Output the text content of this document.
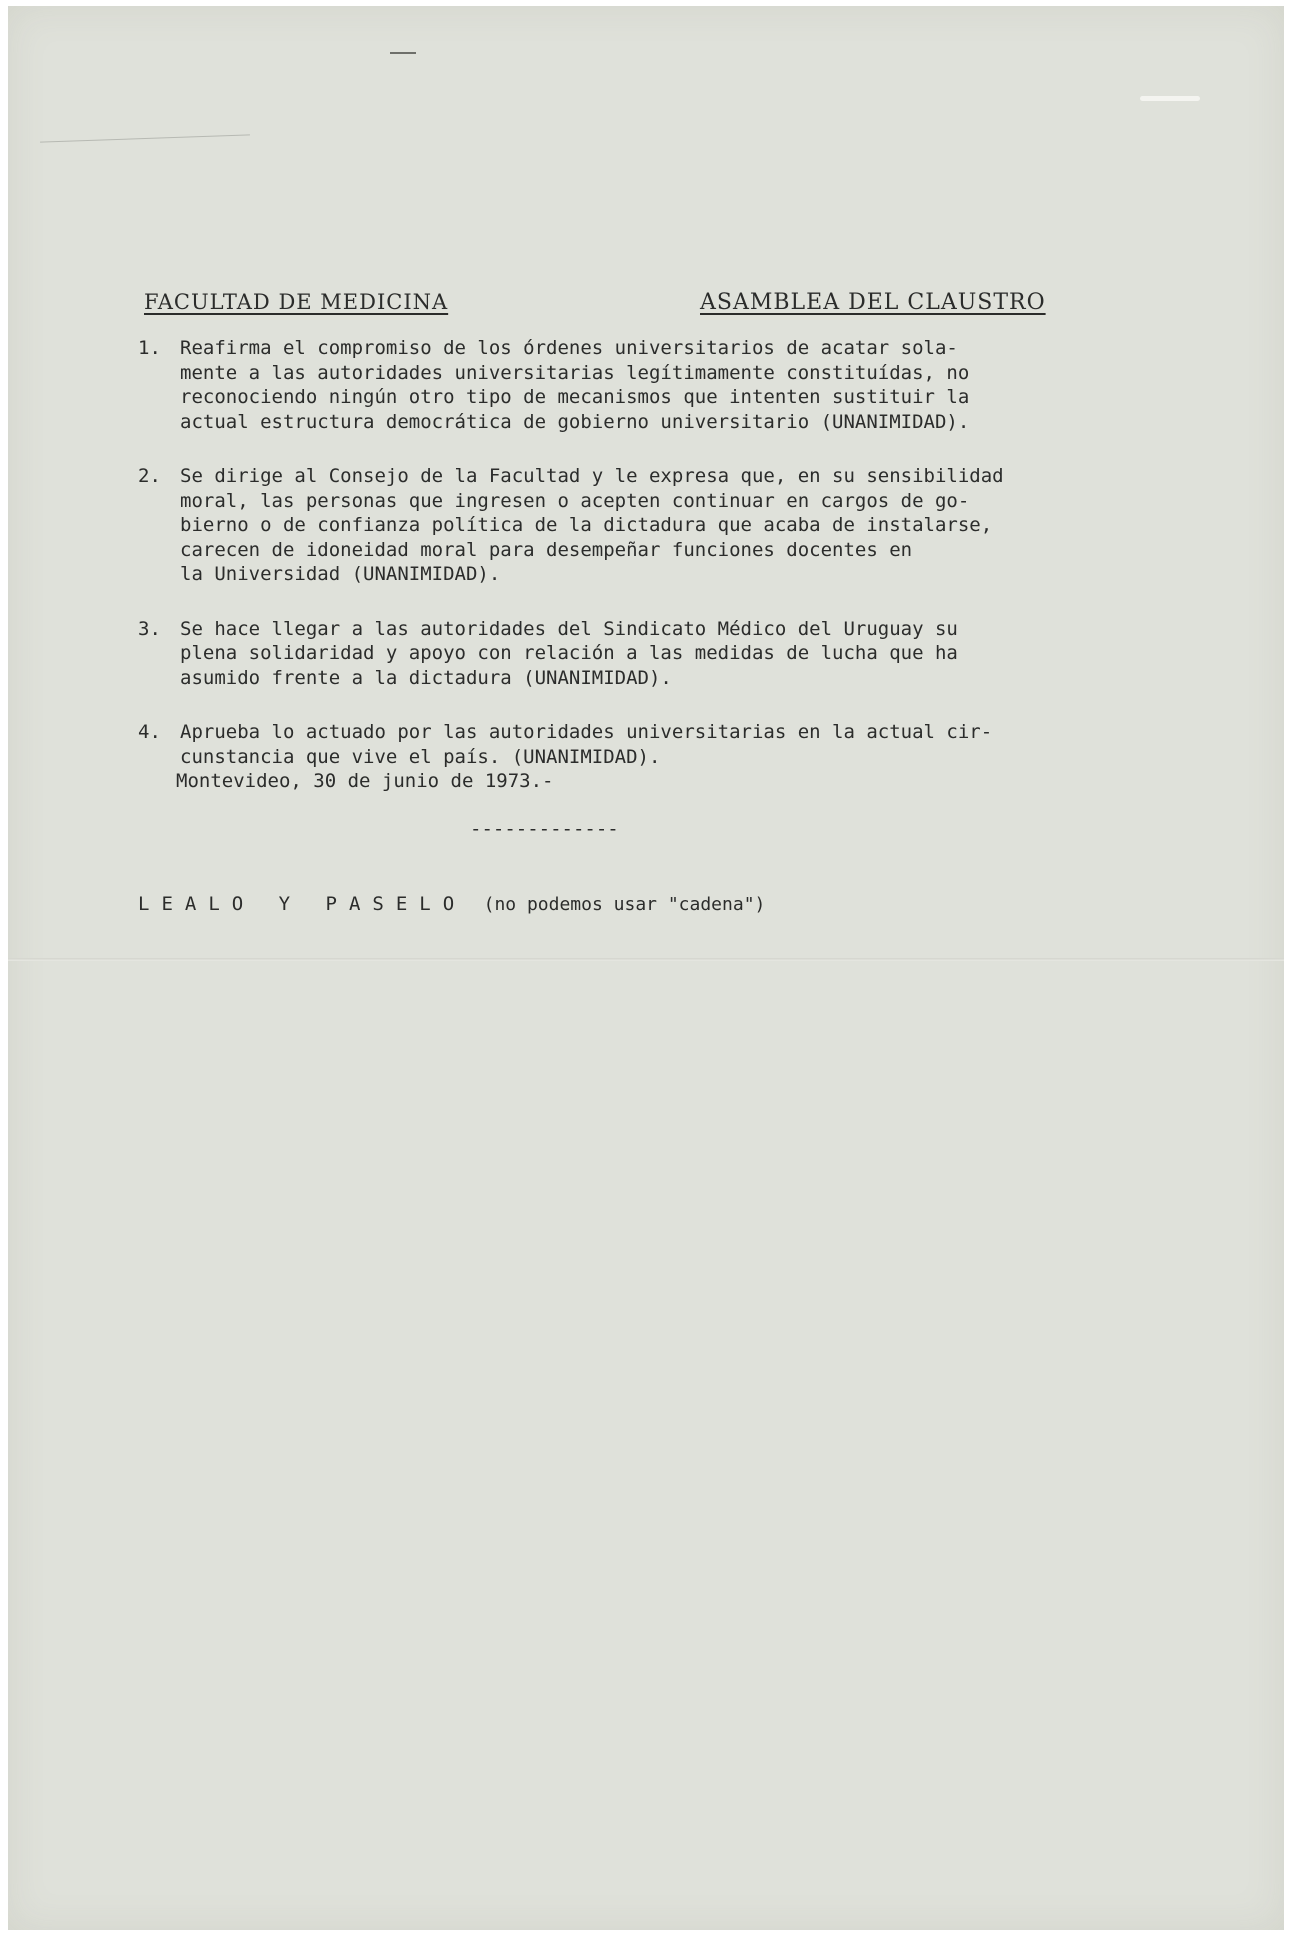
FACULTAD DE MEDICINA	ASAMBLEA DEL CLAUSTRO
1.	Reafirma el compromiso de los órdenes universitarios de acatar sola-
mente a las autoridades universitarias legítimamente constituídas, no
reconociendo ningún otro tipo de mecanismos que intenten sustituir la
actual estructura democrática de gobierno universitario (UNANIMIDAD).
2.	Se dirige al Consejo de la Facultad y le expresa que, en su sensibilidad
moral, las personas que ingresen o acepten continuar en cargos de go-
bierno o de confianza política de la dictadura que acaba de instalarse,
carecen de idoneidad moral para desempeñar funciones docentes en
la Universidad (UNANIMIDAD).
3.	Se hace llegar a las autoridades del Sindicato Médico del Uruguay su
plena solidaridad y apoyo con relación a las medidas de lucha que ha
asumido frente a la dictadura (UNANIMIDAD).
4.	Aprueba lo actuado por las autoridades universitarias en la actual cir-
cunstancia que vive el país. (UNANIMIDAD).
Montevideo, 30 de junio de 1973.-
-------------
LEALO Y PASELO (no podemos usar "cadena")
